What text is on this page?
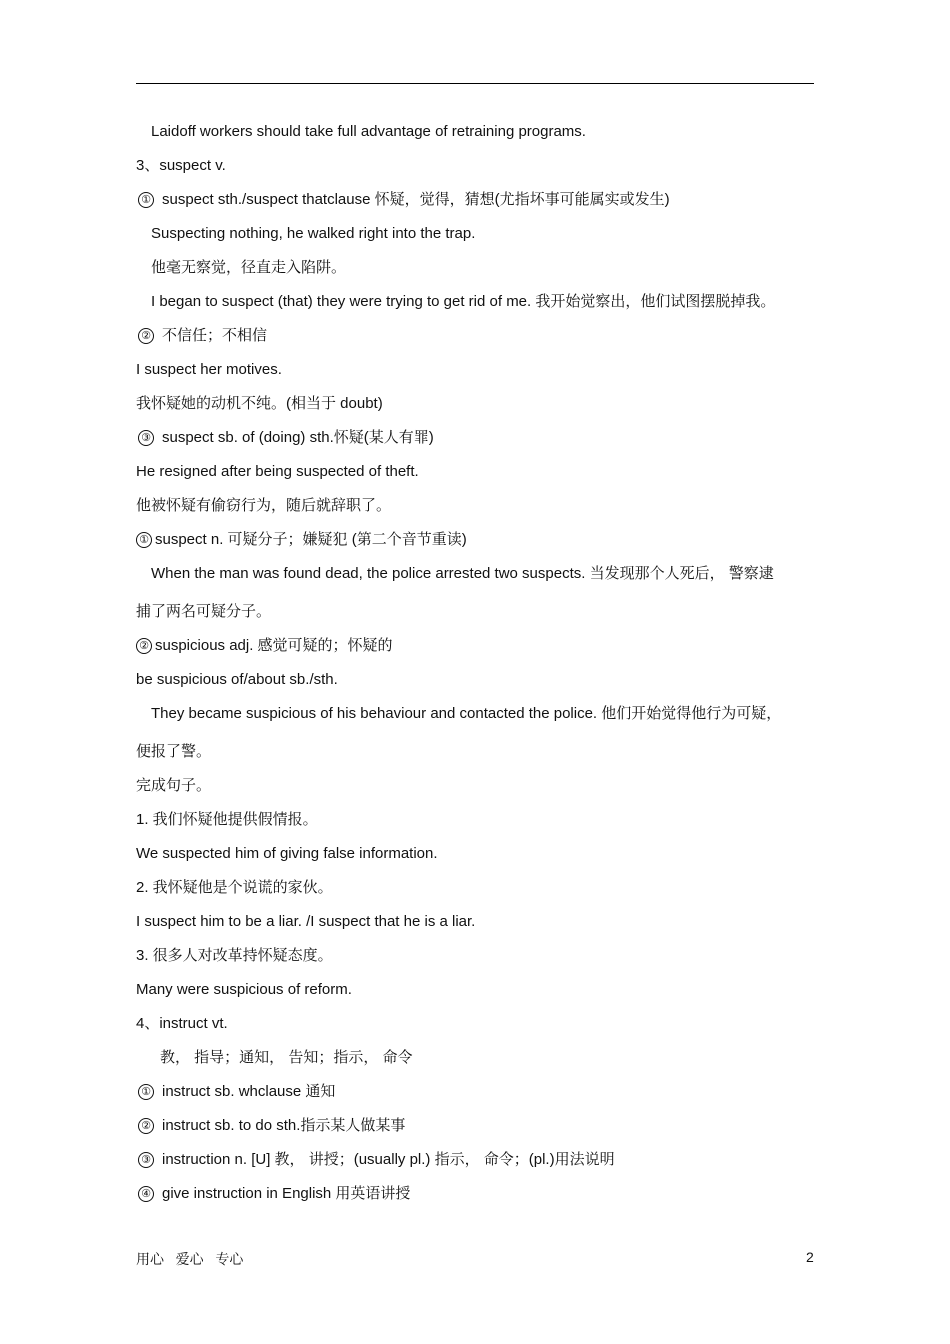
Laidoff workers should take full advantage of retraining programs.
3、suspect v.
① suspect sth./suspect thatclause 怀疑，觉得，猜想(尤指坏事可能属实或发生)
Suspecting nothing, he walked right into the trap.
他毫无察觉，径直走入陷阱。
I began to suspect (that) they were trying to get rid of me. 我开始觉察出，他们试图摆脱掉我。
② 不信任；不相信
I suspect her motives.
我怀疑她的动机不纯。(相当于 doubt)
③ suspect sb. of (doing) sth.怀疑(某人有罪)
He resigned after being suspected of theft.
他被怀疑有偷窃行为，随后就辞职了。
① suspect n. 可疑分子；嫌疑犯 (第二个音节重读)
When the man was found dead, the police arrested two suspects. 当发现那个人死后， 警察逮
捕了两名可疑分子。
② suspicious adj. 感觉可疑的；怀疑的
be suspicious of/about sb./sth.
They became suspicious of his behaviour and contacted the police. 他们开始觉得他行为可疑，
便报了警。
完成句子。
1. 我们怀疑他提供假情报。
We suspected him of giving false information.
2. 我怀疑他是个说谎的家伙。
I suspect him to be a liar. /I suspect that he is a liar.
3. 很多人对改革持怀疑态度。
Many were suspicious of reform.
4、instruct vt.
教， 指导；通知， 告知；指示， 命令
① instruct sb. whclause 通知
② instruct sb. to do sth.指示某人做某事
③ instruction n. [U] 教， 讲授；(usually pl.) 指示， 命令；(pl.)用法说明
④ give instruction in English 用英语讲授
用心   爱心   专心	2
